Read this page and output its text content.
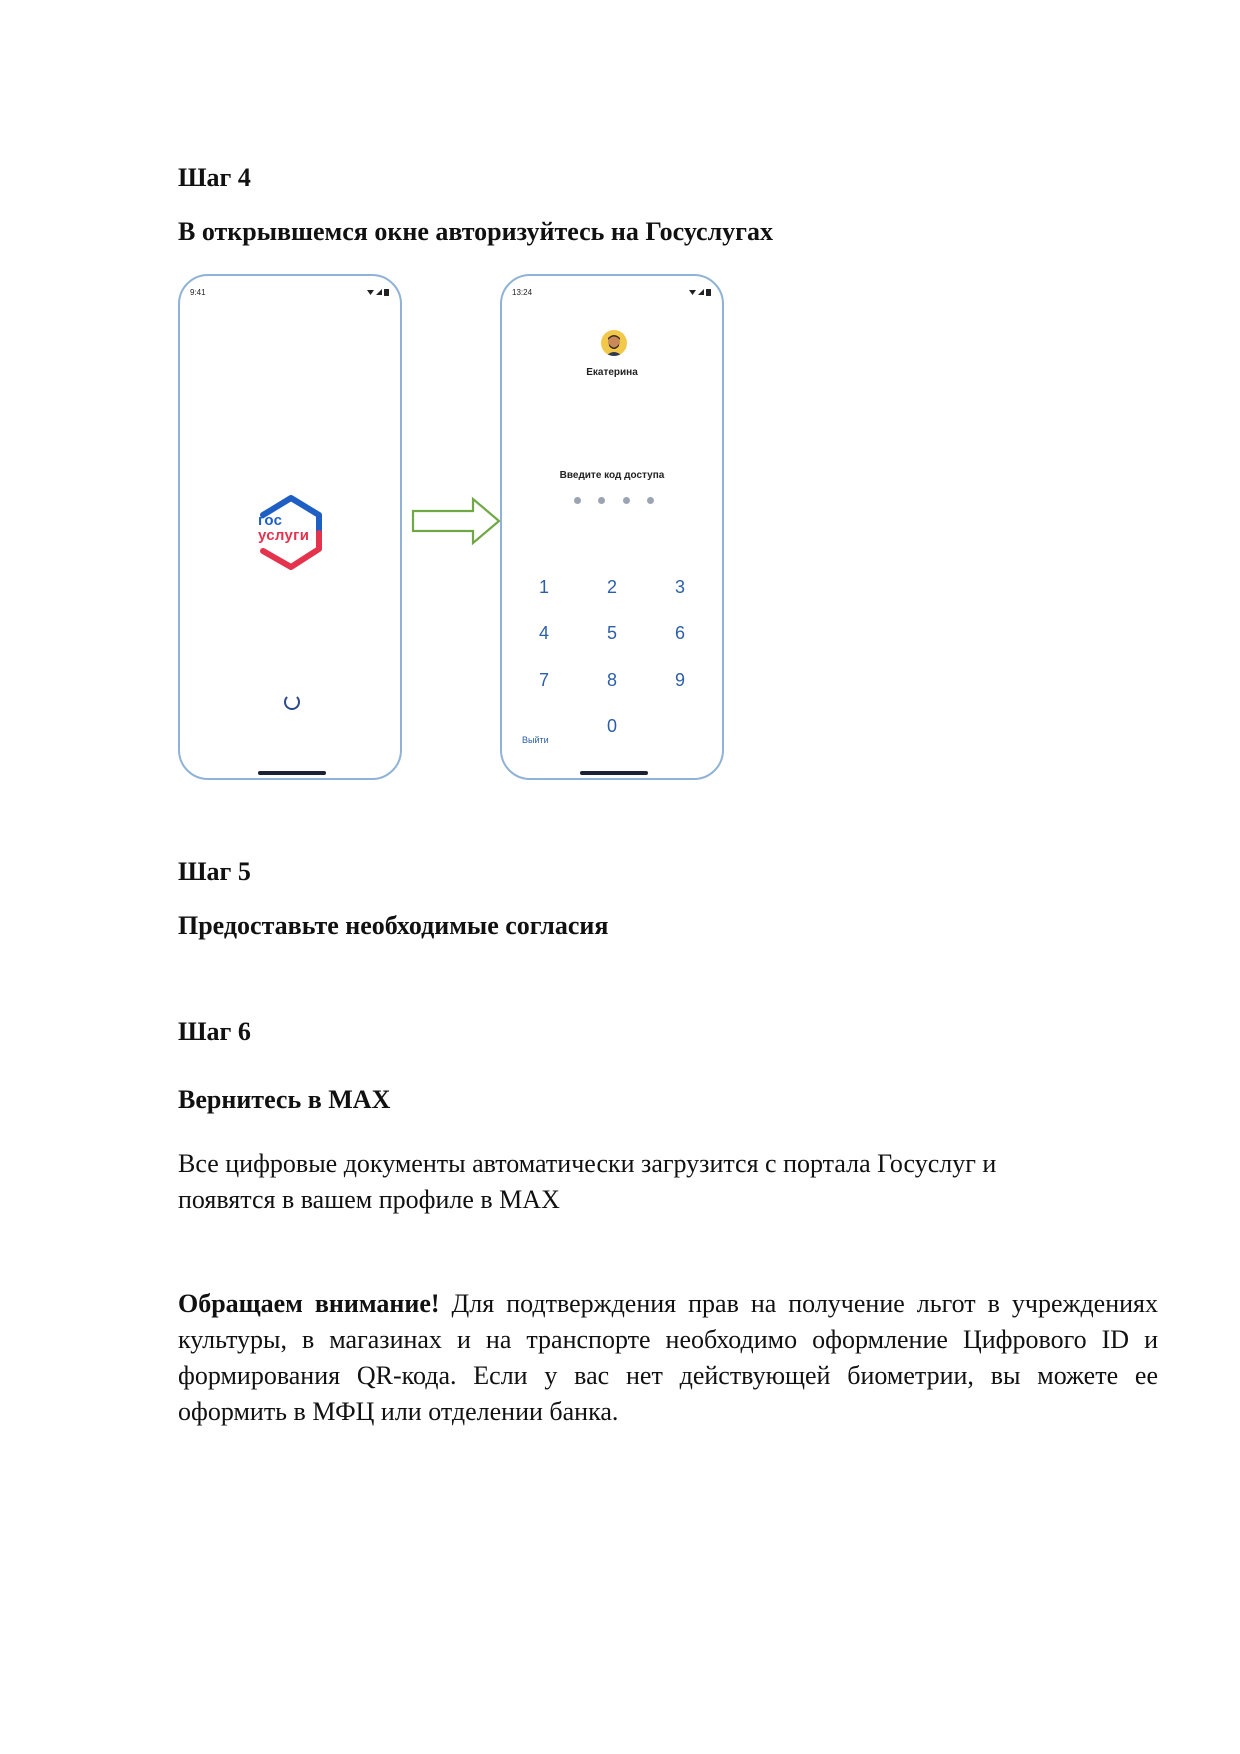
Шаг 4
В открывшемся окне авторизуйтесь на Госуслугах
9:41
гос
услуги
13:24
Екатерина
Введите код доступа
1	2	3
4	5	6
7	8	9
Выйти
0
Шаг 5
Предоставьте необходимые согласия
Шаг 6
Вернитесь в MAX

Все цифровые документы автоматически загрузится с портала Госуслуг и
появятся в вашем профиле в MAX

Обращаем внимание! Для подтверждения прав на получение льгот в учреждениях культуры, в магазинах и на транспорте необходимо оформление Цифрового ID и формирования QR-кода. Если у вас нет действующей биометрии, вы можете ее оформить в МФЦ или отделении банка.
